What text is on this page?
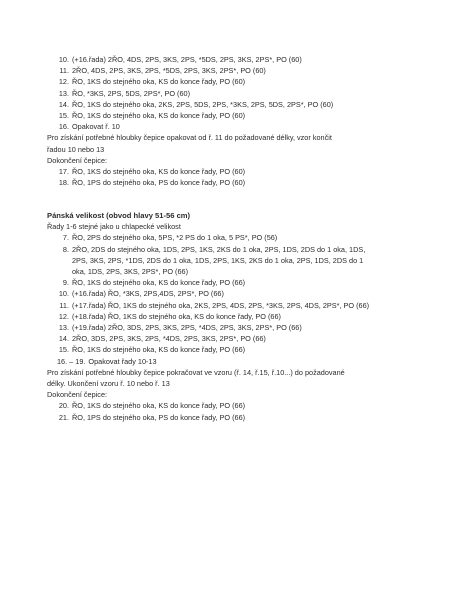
10. (+16.řada) 2ŘO, 4DS, 2PS, 3KS, 2PS, *5DS, 2PS, 3KS, 2PS*, PO (60)
11. 2ŘO, 4DS, 2PS, 3KS, 2PS, *5DS, 2PS, 3KS, 2PS*, PO (60)
12. ŘO, 1KS do stejného oka, KS do konce řady, PO (60)
13. ŘO, *3KS, 2PS, 5DS, 2PS*, PO (60)
14. ŘO, 1KS do stejného oka, 2KS, 2PS, 5DS, 2PS, *3KS, 2PS, 5DS, 2PS*, PO (60)
15. ŘO, 1KS do stejného oka, KS do konce řady, PO (60)
16. Opakovat ř. 10
Pro získání potřebné hloubky čepice opakovat od ř. 11 do požadované délky, vzor končit
řadou 10 nebo 13
Dokončení čepice:
17. ŘO, 1KS do stejného oka, KS do konce řady, PO (60)
18. ŘO, 1PS do stejného oka, PS do konce řady, PO (60)
Pánská velikost (obvod hlavy 51-56 cm)
Řady 1-6 stejné jako u chlapecké velikost
7. ŘO, 2PS do stejného oka, 5PS, *2 PS do 1 oka, 5 PS*, PO (56)
8. 2ŘO, 2DS do stejného oka, 1DS, 2PS, 1KS, 2KS do 1 oka, 2PS, 1DS, 2DS do 1 oka, 1DS,
2PS, 3KS, 2PS, *1DS, 2DS do 1 oka, 1DS, 2PS, 1KS, 2KS do 1 oka, 2PS, 1DS, 2DS do 1
oka, 1DS, 2PS, 3KS, 2PS*, PO (66)
9. ŘO, 1KS do stejného oka, KS do konce řady, PO (66)
10. (+16.řada) ŘO, *3KS, 2PS,4DS, 2PS*, PO (66)
11. (+17.řada) ŘO, 1KS do stejného oka, 2KS, 2PS, 4DS, 2PS, *3KS, 2PS, 4DS, 2PS*, PO (66)
12. (+18.řada) ŘO, 1KS do stejného oka, KS do konce řady, PO (66)
13. (+19.řada) 2ŘO, 3DS, 2PS, 3KS, 2PS, *4DS, 2PS, 3KS, 2PS*, PO (66)
14. 2ŘO, 3DS, 2PS, 3KS, 2PS, *4DS, 2PS, 3KS, 2PS*, PO (66)
15. ŘO, 1KS do stejného oka, KS do konce řady, PO (66)
16. – 19. Opakovat řady 10-13
Pro získání potřebné hloubky čepice pokračovat ve vzoru (ř. 14, ř.15, ř.10...) do požadované
délky. Ukončení vzoru ř. 10 nebo ř. 13
Dokončení čepice:
20. ŘO, 1KS do stejného oka, KS do konce řady, PO (66)
21. ŘO, 1PS do stejného oka, PS do konce řady, PO (66)
